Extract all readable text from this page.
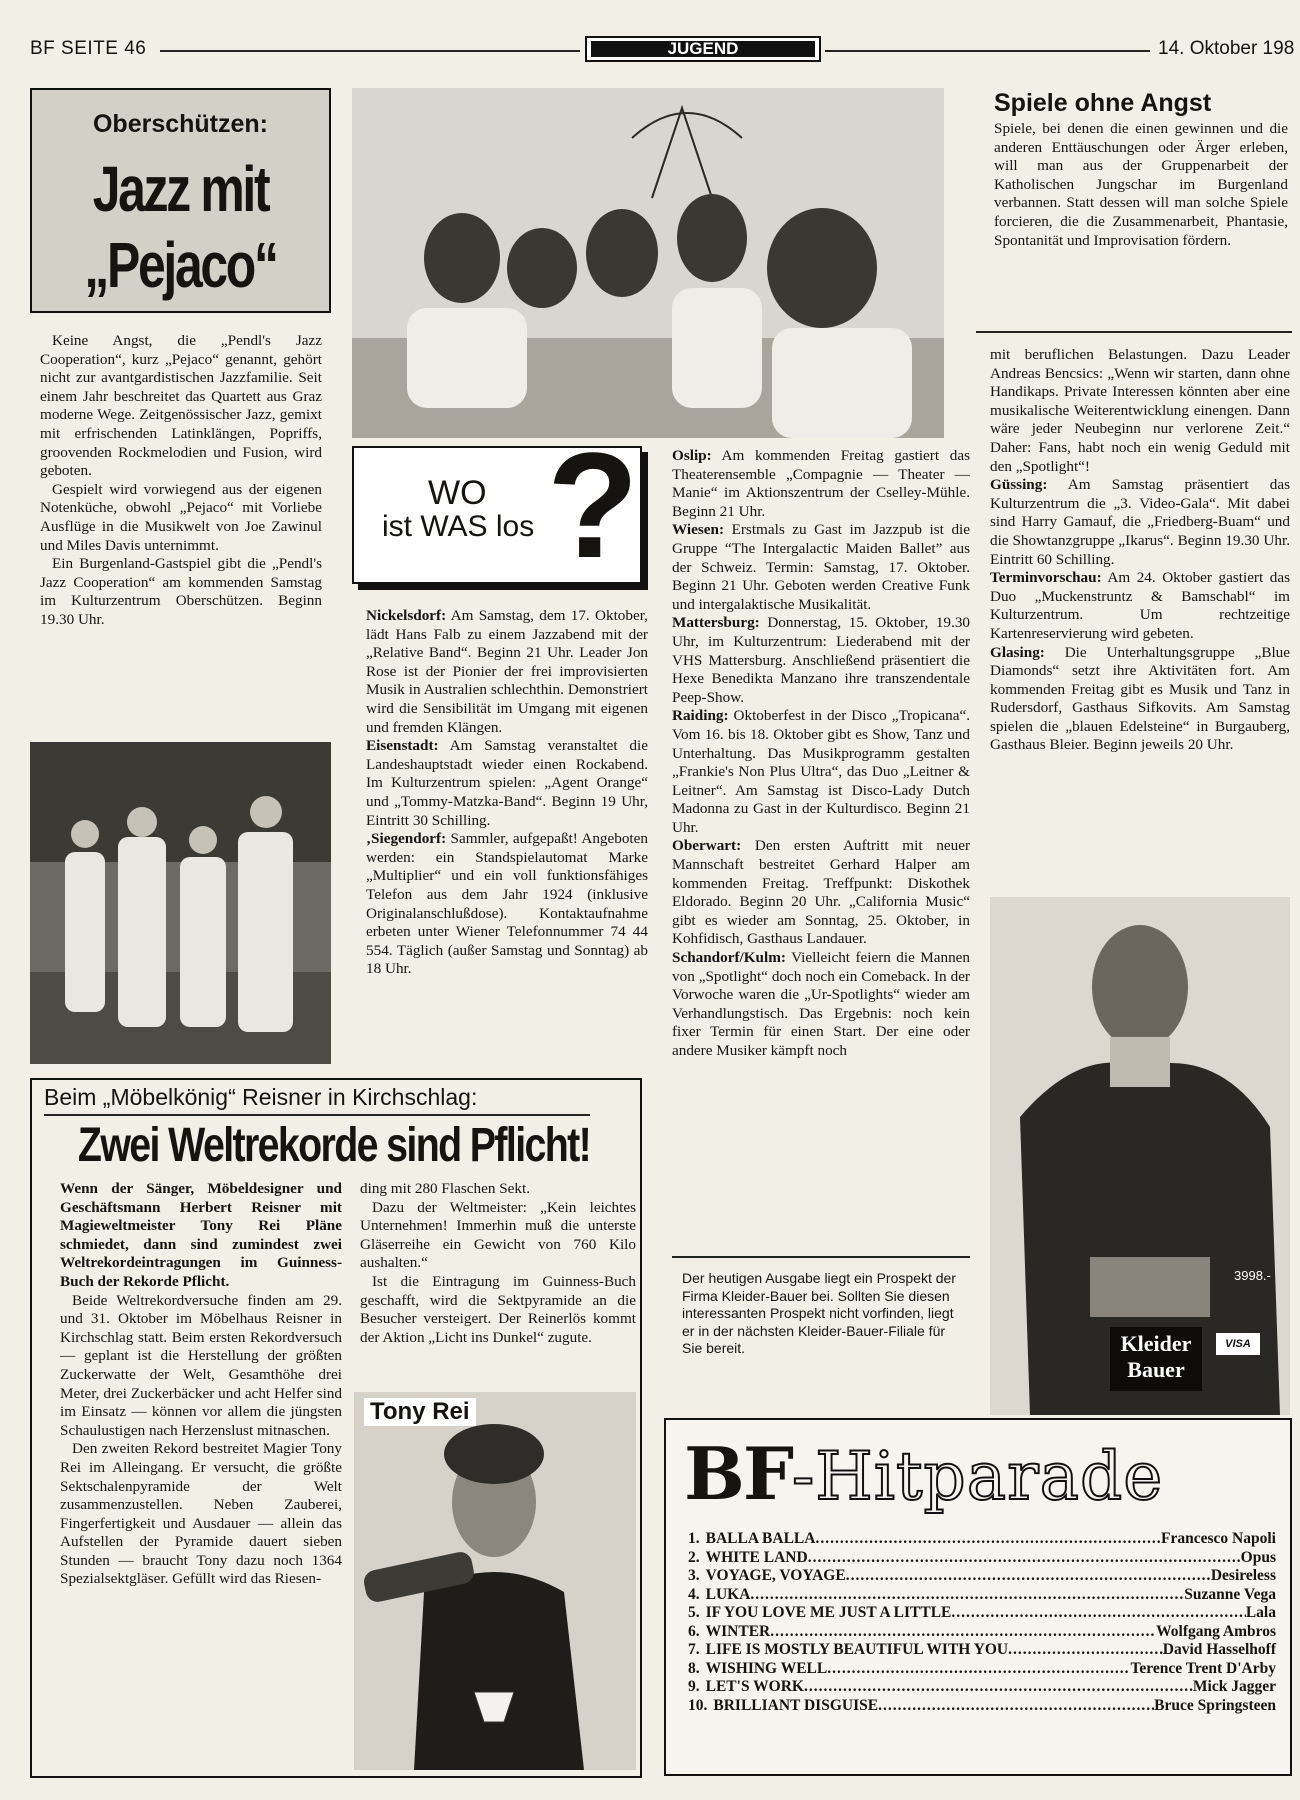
BF SEITE 46	JUGEND	14. Oktober 198
Oberschützen:
Jazz mit
„Pejaco“

Keine Angst, die „Pendl's Jazz Cooperation“, kurz „Pejaco“ genannt, gehört nicht zur avantgardistischen Jazzfamilie. Seit einem Jahr beschreitet das Quartett aus Graz moderne Wege. Zeitgenössischer Jazz, gemixt mit erfrischenden Latinklängen, Popriffs, groovenden Rockmelodien und Fusion, wird geboten.

Gespielt wird vorwiegend aus der eigenen Notenküche, obwohl „Pejaco“ mit Vorliebe Ausflüge in die Musikwelt von Joe Zawinul und Miles Davis unternimmt.

Ein Burgenland-Gastspiel gibt die „Pendl's Jazz Cooperation“ am kommenden Samstag im Kulturzentrum Oberschützen. Beginn 19.30 Uhr.

Spiele ohne Angst
Spiele, bei denen die einen gewinnen und die anderen Enttäuschungen oder Ärger erleben, will man aus der Gruppenarbeit der Katholischen Jungschar im Burgenland verbannen. Statt dessen will man solche Spiele forcieren, die die Zusammenarbeit, Phantasie, Spontanität und Improvisation fördern.
WO
ist WAS los ?

Nickelsdorf: Am Samstag, dem 17. Oktober, lädt Hans Falb zu einem Jazzabend mit der „Relative Band“. Beginn 21 Uhr. Leader Jon Rose ist der Pionier der frei improvisierten Musik in Australien schlechthin. Demonstriert wird die Sensibilität im Umgang mit eigenen und fremden Klängen.

Eisenstadt: Am Samstag veranstaltet die Landeshauptstadt wieder einen Rockabend. Im Kulturzentrum spielen: „Agent Orange“ und „Tommy-Matzka-Band“. Beginn 19 Uhr, Eintritt 30 Schilling.

‚Siegendorf: Sammler, aufgepaßt! Angeboten werden: ein Standspielautomat Marke „Multiplier“ und ein voll funktionsfähiges Telefon aus dem Jahr 1924 (inklusive Originalanschlußdose). Kontaktaufnahme erbeten unter Wiener Telefonnummer 74 44 554. Täglich (außer Samstag und Sonntag) ab 18 Uhr.

Oslip: Am kommenden Freitag gastiert das Theaterensemble „Compagnie — Theater — Manie“ im Aktionszentrum der Cselley-Mühle. Beginn 21 Uhr.

Wiesen: Erstmals zu Gast im Jazzpub ist die Gruppe “The Intergalactic Maiden Ballet” aus der Schweiz. Termin: Samstag, 17. Oktober. Beginn 21 Uhr. Geboten werden Creative Funk und intergalaktische Musikalität.

Mattersburg: Donnerstag, 15. Oktober, 19.30 Uhr, im Kulturzentrum: Liederabend mit der VHS Mattersburg. Anschließend präsentiert die Hexe Benedikta Manzano ihre transzendentale Peep-Show.

Raiding: Oktoberfest in der Disco „Tropicana“. Vom 16. bis 18. Oktober gibt es Show, Tanz und Unterhaltung. Das Musikprogramm gestalten „Frankie's Non Plus Ultra“, das Duo „Leitner & Leitner“. Am Samstag ist Disco-Lady Dutch Madonna zu Gast in der Kulturdisco. Beginn 21 Uhr.

Oberwart: Den ersten Auftritt mit neuer Mannschaft bestreitet Gerhard Halper am kommenden Freitag. Treffpunkt: Diskothek Eldorado. Beginn 20 Uhr. „California Music“ gibt es wieder am Sonntag, 25. Oktober, in Kohfidisch, Gasthaus Landauer.

Schandorf/Kulm: Vielleicht feiern die Mannen von „Spotlight“ doch noch ein Comeback. In der Vorwoche waren die „Ur-Spotlights“ wieder am Verhandlungstisch. Das Ergebnis: noch kein fixer Termin für einen Start. Der eine oder andere Musiker kämpft noch

mit beruflichen Belastungen. Dazu Leader Andreas Bencsics: „Wenn wir starten, dann ohne Handikaps. Private Interessen könnten aber eine musikalische Weiterentwicklung einengen. Dann wäre jeder Neubeginn nur verlorene Zeit.“ Daher: Fans, habt noch ein wenig Geduld mit den „Spotlight“!

Güssing: Am Samstag präsentiert das Kulturzentrum die „3. Video-Gala“. Mit dabei sind Harry Gamauf, die „Friedberg-Buam“ und die Showtanzgruppe „Ikarus“. Beginn 19.30 Uhr. Eintritt 60 Schilling.

Terminvorschau: Am 24. Oktober gastiert das Duo „Muckenstruntz & Bamschabl“ im Kulturzentrum. Um rechtzeitige Kartenreservierung wird gebeten.

Glasing: Die Unterhaltungsgruppe „Blue Diamonds“ setzt ihre Aktivitäten fort. Am kommenden Freitag gibt es Musik und Tanz in Rudersdorf, Gasthaus Sifkovits. Am Samstag spielen die „blauen Edelsteine“ in Burgauberg, Gasthaus Bleier. Beginn jeweils 20 Uhr.

3998.-
Kleider
Bauer
VISA
Beim „Möbelkönig“ Reisner in Kirchschlag:
Zwei Weltrekorde sind Pflicht!

Wenn der Sänger, Möbeldesigner und Geschäftsmann Herbert Reisner mit Magieweltmeister Tony Rei Pläne schmiedet, dann sind zumindest zwei Weltrekordeintragungen im Guinness-Buch der Rekorde Pflicht.

Beide Weltrekordversuche finden am 29. und 31. Oktober im Möbelhaus Reisner in Kirchschlag statt. Beim ersten Rekordversuch — geplant ist die Herstellung der größten Zuckerwatte der Welt, Gesamthöhe drei Meter, drei Zuckerbäcker und acht Helfer sind im Einsatz — können vor allem die jüngsten Schaulustigen nach Herzenslust mitnaschen.

Den zweiten Rekord bestreitet Magier Tony Rei im Alleingang. Er versucht, die größte Sektschalenpyramide der Welt zusammenzustellen. Neben Zauberei, Fingerfertigkeit und Ausdauer — allein das Aufstellen der Pyramide dauert sieben Stunden — braucht Tony dazu noch 1364 Spezialsektgläser. Gefüllt wird das Riesen-

ding mit 280 Flaschen Sekt.

Dazu der Weltmeister: „Kein leichtes Unternehmen! Immerhin muß die unterste Gläserreihe ein Gewicht von 760 Kilo aushalten.“

Ist die Eintragung im Guinness-Buch geschafft, wird die Sektpyramide an die Besucher versteigert. Der Reinerlös kommt der Aktion „Licht ins Dunkel“ zugute.

Tony Rei
Der heutigen Ausgabe liegt ein Prospekt der Firma Kleider-Bauer bei. Sollten Sie diesen interessanten Prospekt nicht vorfinden, liegt er in der nächsten Kleider-Bauer-Filiale für Sie bereit.
BF-Hitparade
1. BALLA BALLA .....	Francesco Napoli
2. WHITE LAND .....	Opus
3. VOYAGE, VOYAGE .....	Desireless
4. LUKA .....	Suzanne Vega
5. IF YOU LOVE ME JUST A LITTLE .....	Lala
6. WINTER .....	Wolfgang Ambros
7. LIFE IS MOSTLY BEAUTIFUL WITH YOU .....	David Hasselhoff
8. WISHING WELL .....	Terence Trent D'Arby
9. LET'S WORK .....	Mick Jagger
10. BRILLIANT DISGUISE .....	Bruce Springsteen
